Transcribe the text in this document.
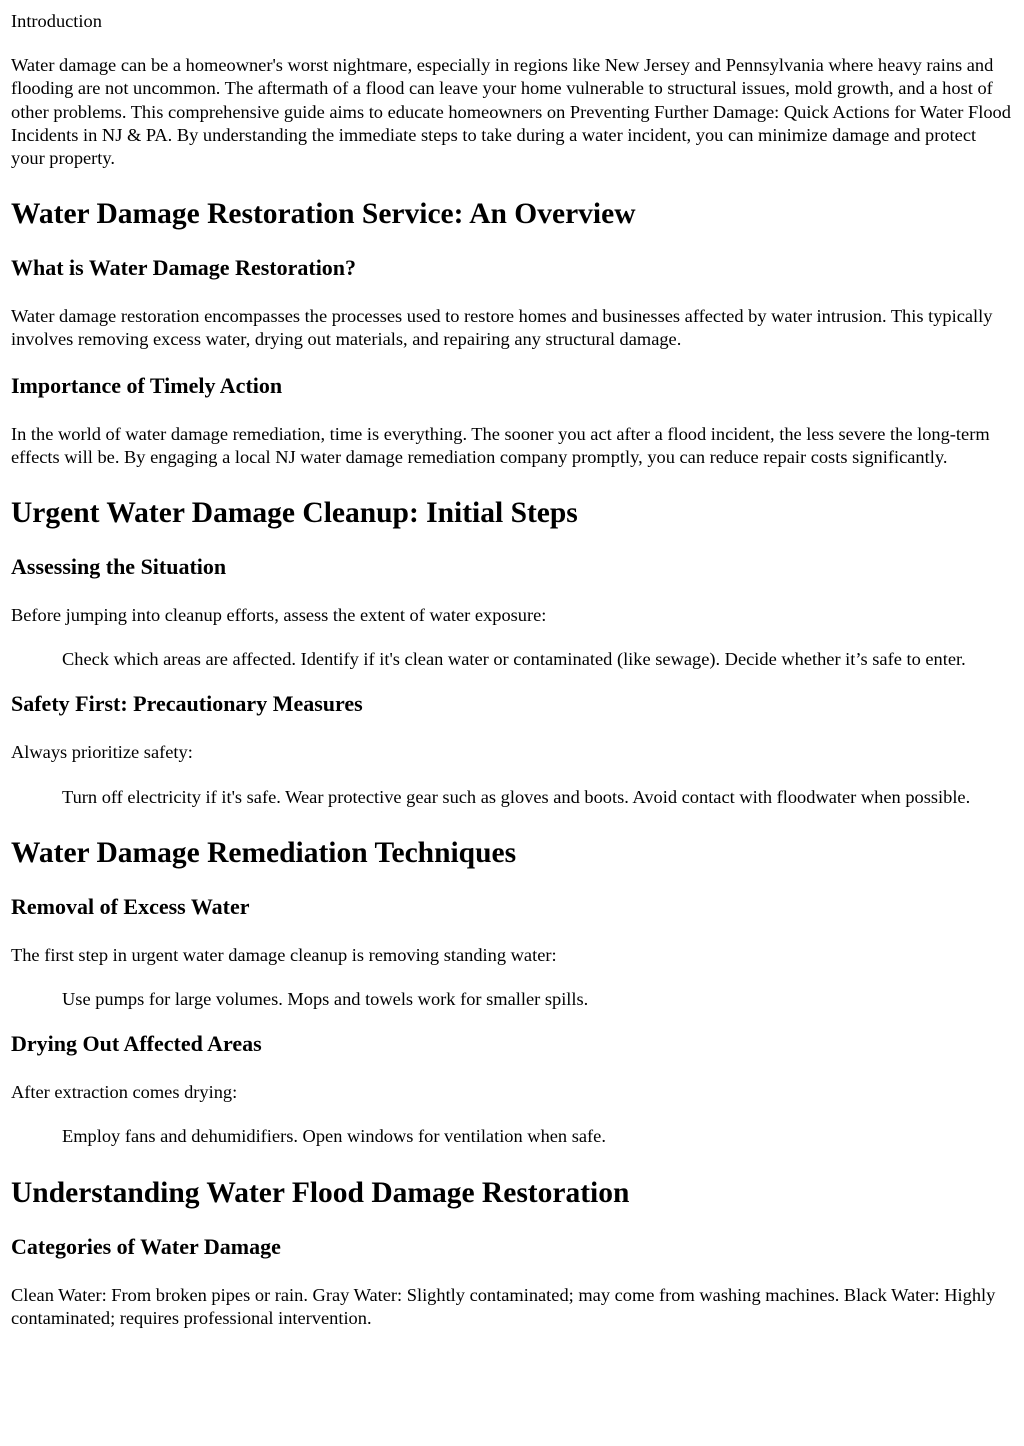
Introduction

Water damage can be a homeowner's worst nightmare, especially in regions like New Jersey and Pennsylvania where heavy rains and flooding are not uncommon. The aftermath of a flood can leave your home vulnerable to structural issues, mold growth, and a host of other problems. This comprehensive guide aims to educate homeowners on Preventing Further Damage: Quick Actions for Water Flood Incidents in NJ & PA. By understanding the immediate steps to take during a water incident, you can minimize damage and protect your property.

Water Damage Restoration Service: An Overview
What is Water Damage Restoration?

Water damage restoration encompasses the processes used to restore homes and businesses affected by water intrusion. This typically involves removing excess water, drying out materials, and repairing any structural damage.

Importance of Timely Action

In the world of water damage remediation, time is everything. The sooner you act after a flood incident, the less severe the long-term effects will be. By engaging a local NJ water damage remediation company promptly, you can reduce repair costs significantly.

Urgent Water Damage Cleanup: Initial Steps
Assessing the Situation

Before jumping into cleanup efforts, assess the extent of water exposure:

Check which areas are affected. Identify if it's clean water or contaminated (like sewage). Decide whether it’s safe to enter.
Safety First: Precautionary Measures

Always prioritize safety:

Turn off electricity if it's safe. Wear protective gear such as gloves and boots. Avoid contact with floodwater when possible.
Water Damage Remediation Techniques
Removal of Excess Water

The first step in urgent water damage cleanup is removing standing water:

Use pumps for large volumes. Mops and towels work for smaller spills.
Drying Out Affected Areas

After extraction comes drying:

Employ fans and dehumidifiers. Open windows for ventilation when safe.
Understanding Water Flood Damage Restoration
Categories of Water Damage

Clean Water: From broken pipes or rain. Gray Water: Slightly contaminated; may come from washing machines. Black Water: Highly contaminated; requires professional intervention.
